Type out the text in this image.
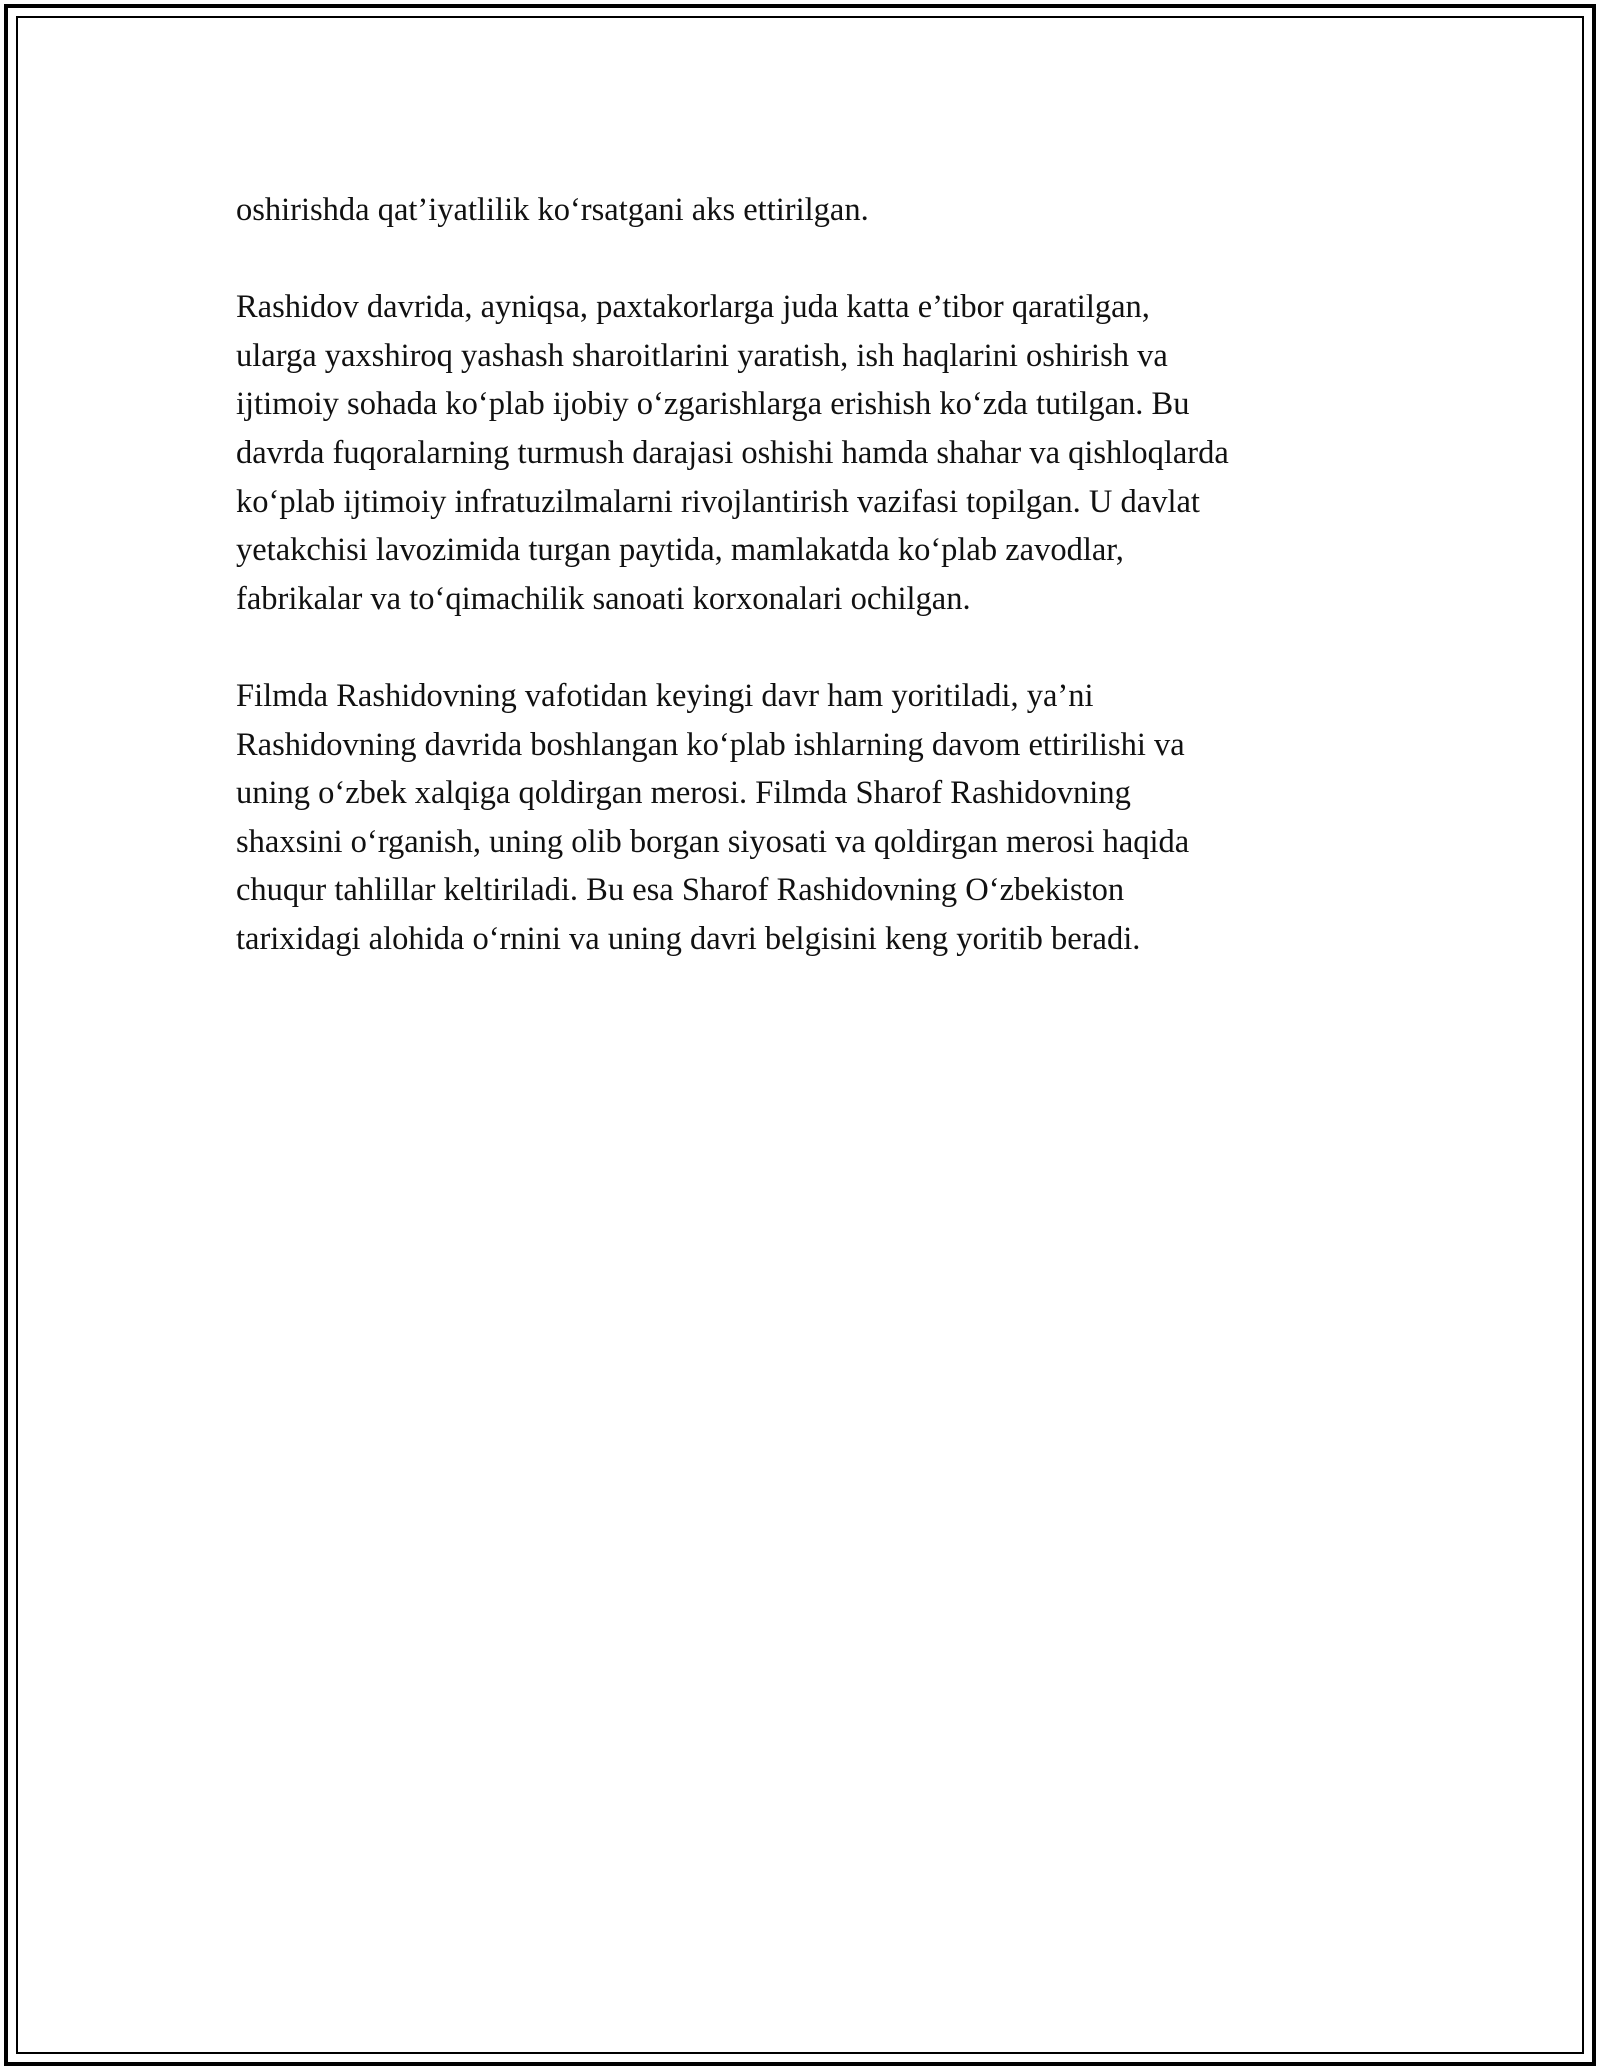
oshirishda qat’iyatlilik ko‘rsatgani aks ettirilgan.

Rashidov davrida, ayniqsa, paxtakorlarga juda katta e’tibor qaratilgan,
ularga yaxshiroq yashash sharoitlarini yaratish, ish haqlarini oshirish va
ijtimoiy sohada ko‘plab ijobiy o‘zgarishlarga erishish ko‘zda tutilgan. Bu
davrda fuqoralarning turmush darajasi oshishi hamda shahar va qishloqlarda
ko‘plab ijtimoiy infratuzilmalarni rivojlantirish vazifasi topilgan. U davlat
yetakchisi lavozimida turgan paytida, mamlakatda ko‘plab zavodlar,
fabrikalar va to‘qimachilik sanoati korxonalari ochilgan.

Filmda Rashidovning vafotidan keyingi davr ham yoritiladi, ya’ni
Rashidovning davrida boshlangan ko‘plab ishlarning davom ettirilishi va
uning o‘zbek xalqiga qoldirgan merosi. Filmda Sharof Rashidovning
shaxsini o‘rganish, uning olib borgan siyosati va qoldirgan merosi haqida
chuqur tahlillar keltiriladi. Bu esa Sharof Rashidovning O‘zbekiston
tarixidagi alohida o‘rnini va uning davri belgisini keng yoritib beradi.
